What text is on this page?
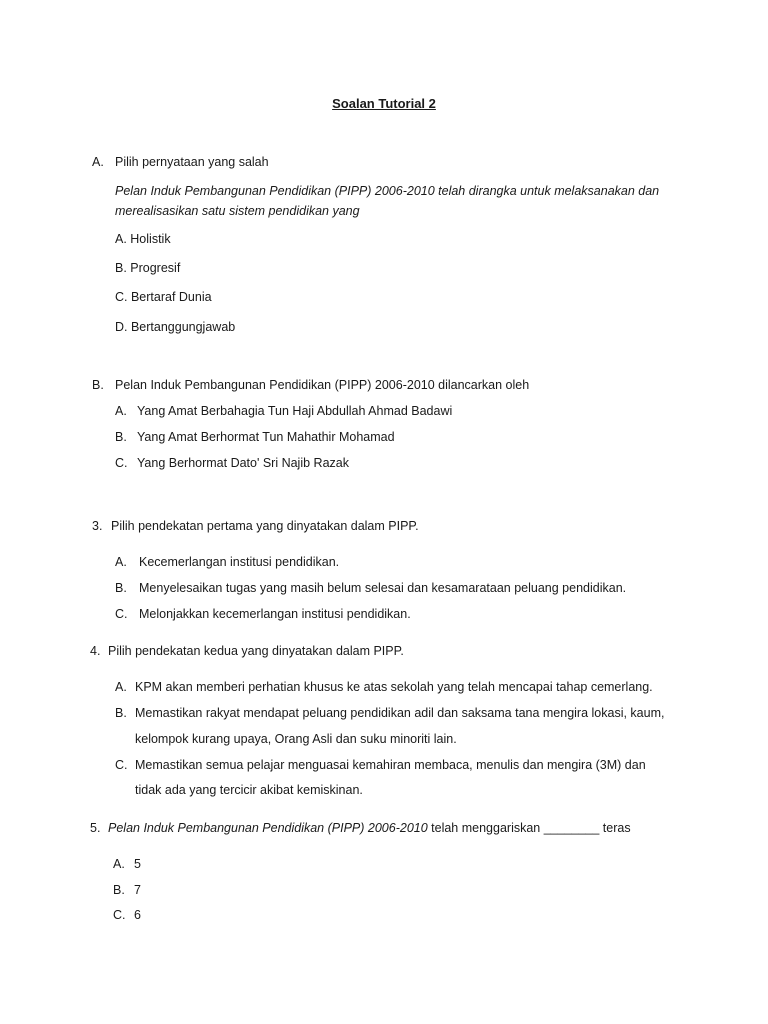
Soalan Tutorial 2
A. Pilih pernyataan yang salah
Pelan Induk Pembangunan Pendidikan (PIPP) 2006-2010 telah dirangka untuk melaksanakan dan
merealisasikan satu sistem pendidikan yang
A. Holistik
B. Progresif
C. Bertaraf Dunia
D. Bertanggungjawab
B. Pelan Induk Pembangunan Pendidikan (PIPP) 2006-2010 dilancarkan oleh
A. Yang Amat Berbahagia Tun Haji Abdullah Ahmad Badawi
B. Yang Amat Berhormat Tun Mahathir Mohamad
C. Yang Berhormat Dato' Sri Najib Razak
3. Pilih pendekatan pertama yang dinyatakan dalam PIPP.
A. Kecemerlangan institusi pendidikan.
B. Menyelesaikan tugas yang masih belum selesai dan kesamarataan peluang pendidikan.
C. Melonjakkan kecemerlangan institusi pendidikan.
4. Pilih pendekatan kedua yang dinyatakan dalam PIPP.
A. KPM akan memberi perhatian khusus ke atas sekolah yang telah mencapai tahap cemerlang.
B. Memastikan rakyat mendapat peluang pendidikan adil dan saksama tana mengira lokasi, kaum,
kelompok kurang upaya, Orang Asli dan suku minoriti lain.
C. Memastikan semua pelajar menguasai kemahiran membaca, menulis dan mengira (3M) dan
tidak ada yang tercicir akibat kemiskinan.
5. Pelan Induk Pembangunan Pendidikan (PIPP) 2006-2010 telah menggariskan ________ teras
A. 5
B. 7
C. 6
